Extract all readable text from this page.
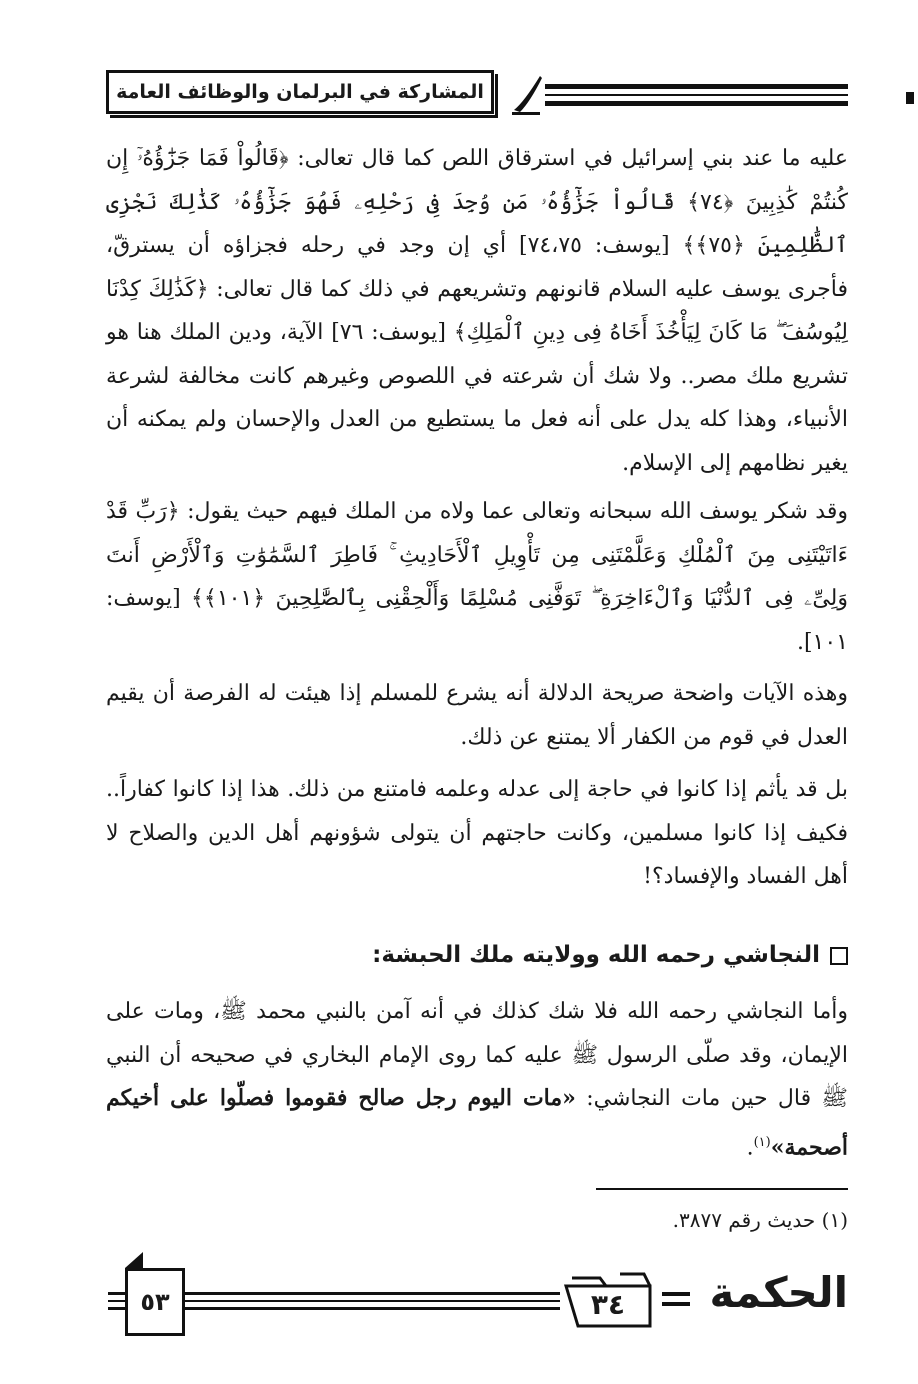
المشاركة في البرلمان والوظائف العامة

عليه ما عند بني إسرائيل في استرقاق اللص كما قال تعالى: ﴿قَالُواْ فَمَا جَزَٰٓؤُهُۥٓ إِن كُنتُمْ كَٰذِبِينَ ﴿٧٤﴾ قَالُواْ جَزَٰٓؤُهُۥ مَن وُجِدَ فِى رَحْلِهِۦ فَهُوَ جَزَٰٓؤُهُۥ كَذَٰلِكَ نَجْزِى ٱلظَّٰلِمِينَ ﴿٧٥﴾﴾ [يوسف: ٧٤،٧٥] أي إن وجد في رحله فجزاؤه أن يسترقّ، فأجرى يوسف عليه السلام قانونهم وتشريعهم في ذلك كما قال تعالى: ﴿كَذَٰلِكَ كِدْنَا لِيُوسُفَ ۖ مَا كَانَ لِيَأْخُذَ أَخَاهُ فِى دِينِ ٱلْمَلِكِ﴾ [يوسف: ٧٦] الآية، ودين الملك هنا هو تشريع ملك مصر.. ولا شك أن شرعته في اللصوص وغيرهم كانت مخالفة لشرعة الأنبياء، وهذا كله يدل على أنه فعل ما يستطيع من العدل والإحسان ولم يمكنه أن يغير نظامهم إلى الإسلام.

وقد شكر يوسف الله سبحانه وتعالى عما ولاه من الملك فيهم حيث يقول: ﴿رَبِّ قَدْ ءَاتَيْتَنِى مِنَ ٱلْمُلْكِ وَعَلَّمْتَنِى مِن تَأْوِيلِ ٱلْأَحَادِيثِ ۚ فَاطِرَ ٱلسَّمَٰوَٰتِ وَٱلْأَرْضِ أَنتَ وَلِىِّۦ فِى ٱلدُّنْيَا وَٱلْءَاخِرَةِ ۖ تَوَفَّنِى مُسْلِمًا وَأَلْحِقْنِى بِٱلصَّٰلِحِينَ ﴿١٠١﴾﴾ [يوسف: ١٠١].

وهذه الآيات واضحة صريحة الدلالة أنه يشرع للمسلم إذا هيئت له الفرصة أن يقيم العدل في قوم من الكفار ألا يمتنع عن ذلك.

بل قد يأثم إذا كانوا في حاجة إلى عدله وعلمه فامتنع من ذلك. هذا إذا كانوا كفاراً.. فكيف إذا كانوا مسلمين، وكانت حاجتهم أن يتولى شؤونهم أهل الدين والصلاح لا أهل الفساد والإفساد؟!

النجاشي رحمه الله وولايته ملك الحبشة:

وأما النجاشي رحمه الله فلا شك كذلك في أنه آمن بالنبي محمد ﷺ، ومات على الإيمان، وقد صلّى الرسول ﷺ عليه كما روى الإمام البخاري في صحيحه أن النبي ﷺ قال حين مات النجاشي: «مات اليوم رجل صالح فقوموا فصلّوا على أخيكم أصحمة»$^{(١)}$.

(١) حديث رقم ٣٨٧٧.
٥٣	٣٤	الحكمة
